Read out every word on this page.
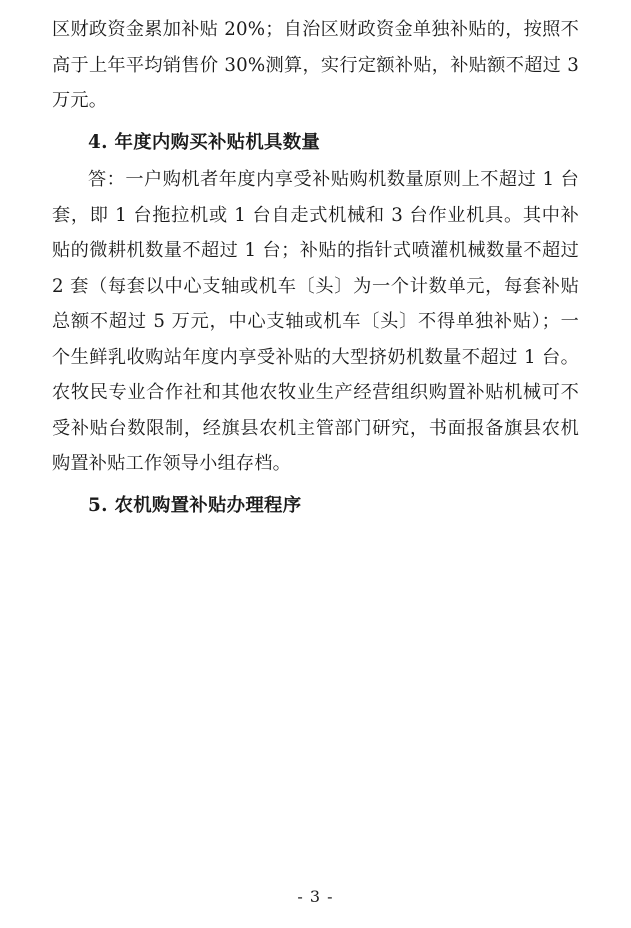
区财政资金累加补贴 20%；自治区财政资金单独补贴的，按照不高于上年平均销售价 30%测算，实行定额补贴，补贴额不超过 3 万元。

4. 年度内购买补贴机具数量

答：一户购机者年度内享受补贴购机数量原则上不超过 1 台套，即 1 台拖拉机或 1 台自走式机械和 3 台作业机具。其中补贴的微耕机数量不超过 1 台；补贴的指针式喷灌机械数量不超过 2 套（每套以中心支轴或机车〔头〕为一个计数单元，每套补贴总额不超过 5 万元，中心支轴或机车〔头〕不得单独补贴）；一个生鲜乳收购站年度内享受补贴的大型挤奶机数量不超过 1 台。农牧民专业合作社和其他农牧业生产经营组织购置补贴机械可不受补贴台数限制，经旗县农机主管部门研究，书面报备旗县农机购置补贴工作领导小组存档。

5. 农机购置补贴办理程序
- 3 -
